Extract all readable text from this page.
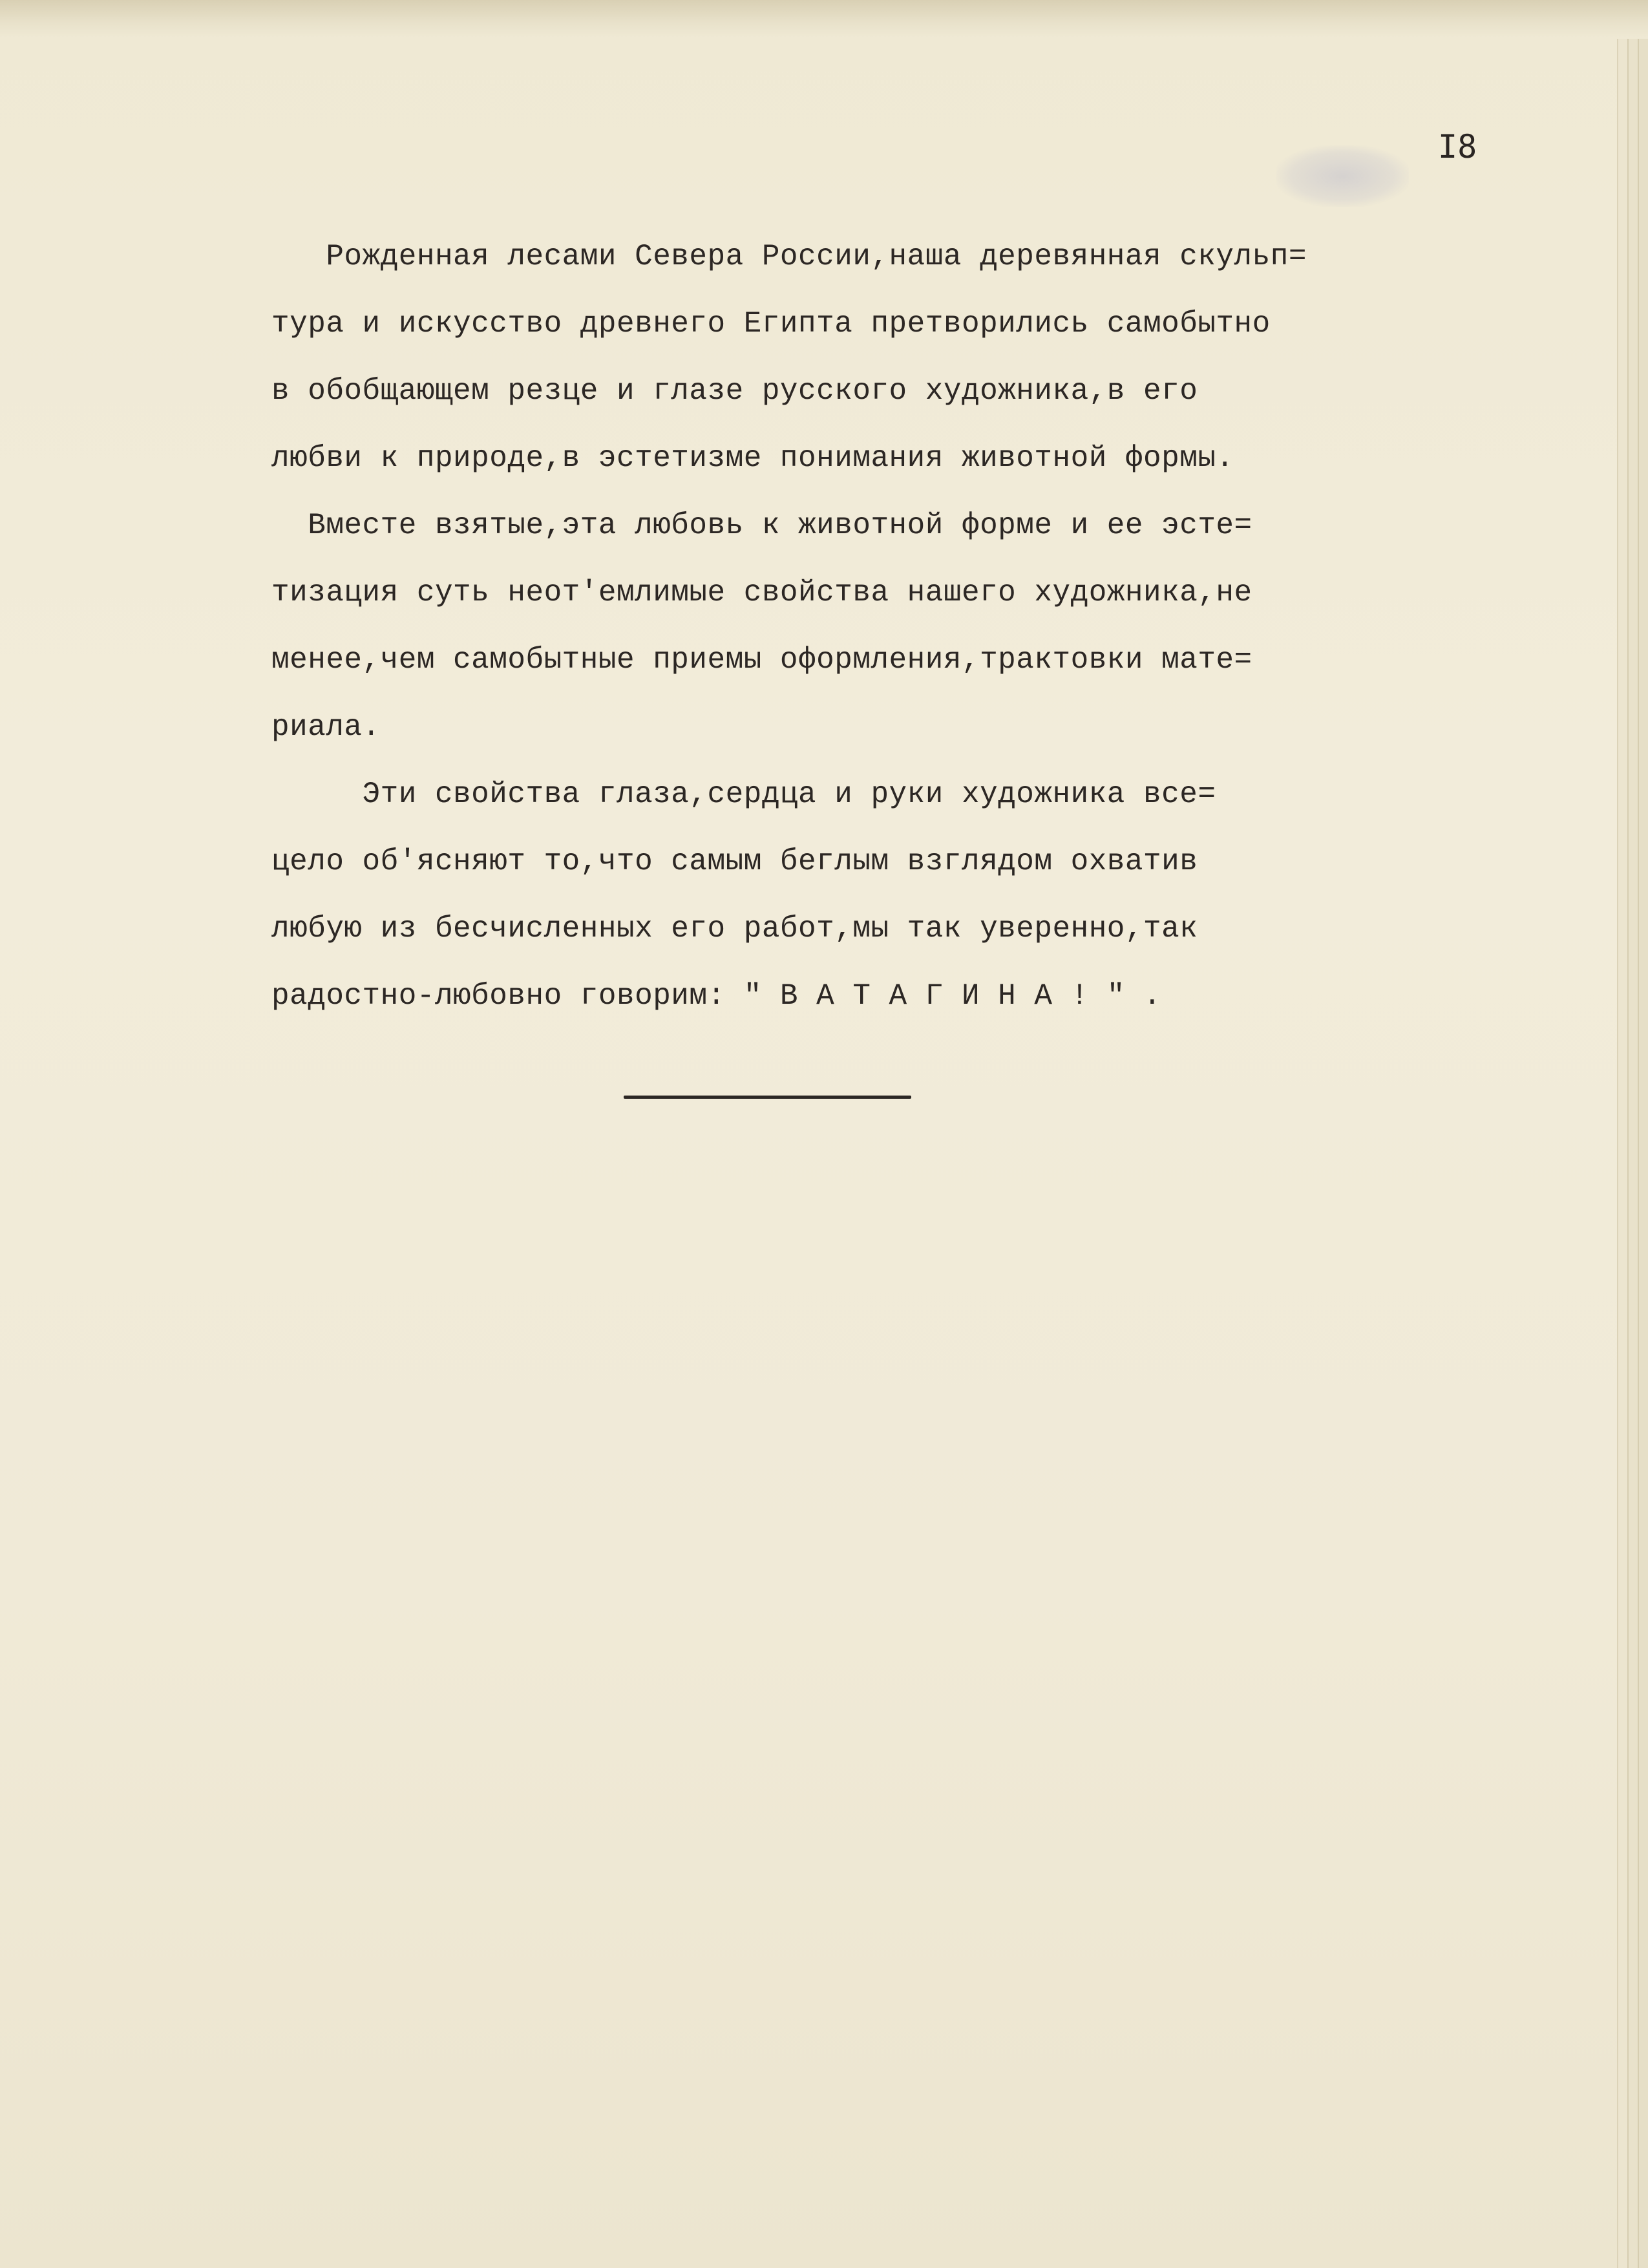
I8

Рожденная лесами Севера России,наша деревянная скульп=
тура и искусство древнего Египта претворились самобытно
в обобщающем резце и глазе русского художника,в его
любви к природе,в эстетизме понимания животной формы.
Вместе взятые,эта любовь к животной форме и ее эсте=
тизация суть неот'емлимые свойства нашего художника,не
менее,чем самобытные приемы оформления,трактовки мате=
риала.
Эти свойства глаза,сердца и руки художника все=
цело об'ясняют то,что самым беглым взглядом охватив
любую из бесчисленных его работ,мы так уверенно,так
радостно-любовно говорим: " В А Т А Г И Н А ! " .
